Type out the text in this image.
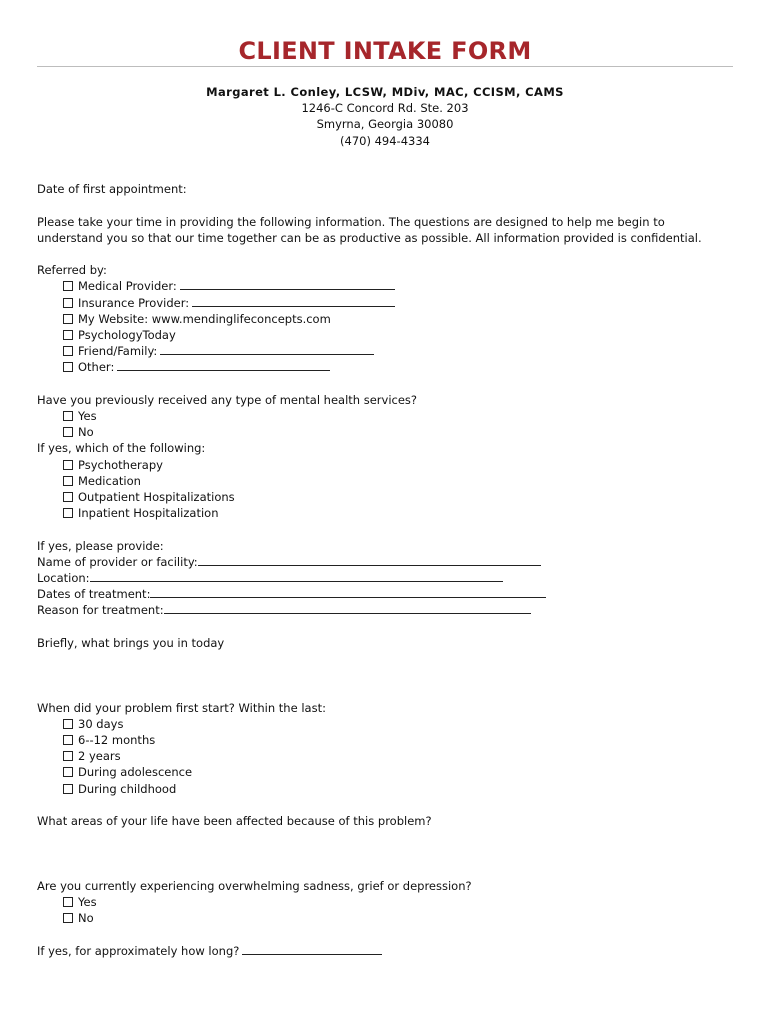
CLIENT INTAKE FORM
Margaret L. Conley, LCSW, MDiv, MAC, CCISM, CAMS
1246-C Concord Rd. Ste. 203
Smyrna, Georgia 30080
(470) 494-4334
Date of first appointment:
Please take your time in providing the following information. The questions are designed to help me begin to
understand you so that our time together can be as productive as possible. All information provided is confidential.
Referred by:
Medical Provider:
Insurance Provider:
My Website: www.mendinglifeconcepts.com
PsychologyToday
Friend/Family:
Other:
Have you previously received any type of mental health services?
Yes
No
If yes, which of the following:
Psychotherapy
Medication
Outpatient Hospitalizations
Inpatient Hospitalization
If yes, please provide:
Name of provider or facility:
Location:
Dates of treatment:
Reason for treatment:
Briefly, what brings you in today
When did your problem first start? Within the last:
30 days
6--12 months
2 years
During adolescence
During childhood
What areas of your life have been affected because of this problem?
Are you currently experiencing overwhelming sadness, grief or depression?
Yes
No
If yes, for approximately how long?
